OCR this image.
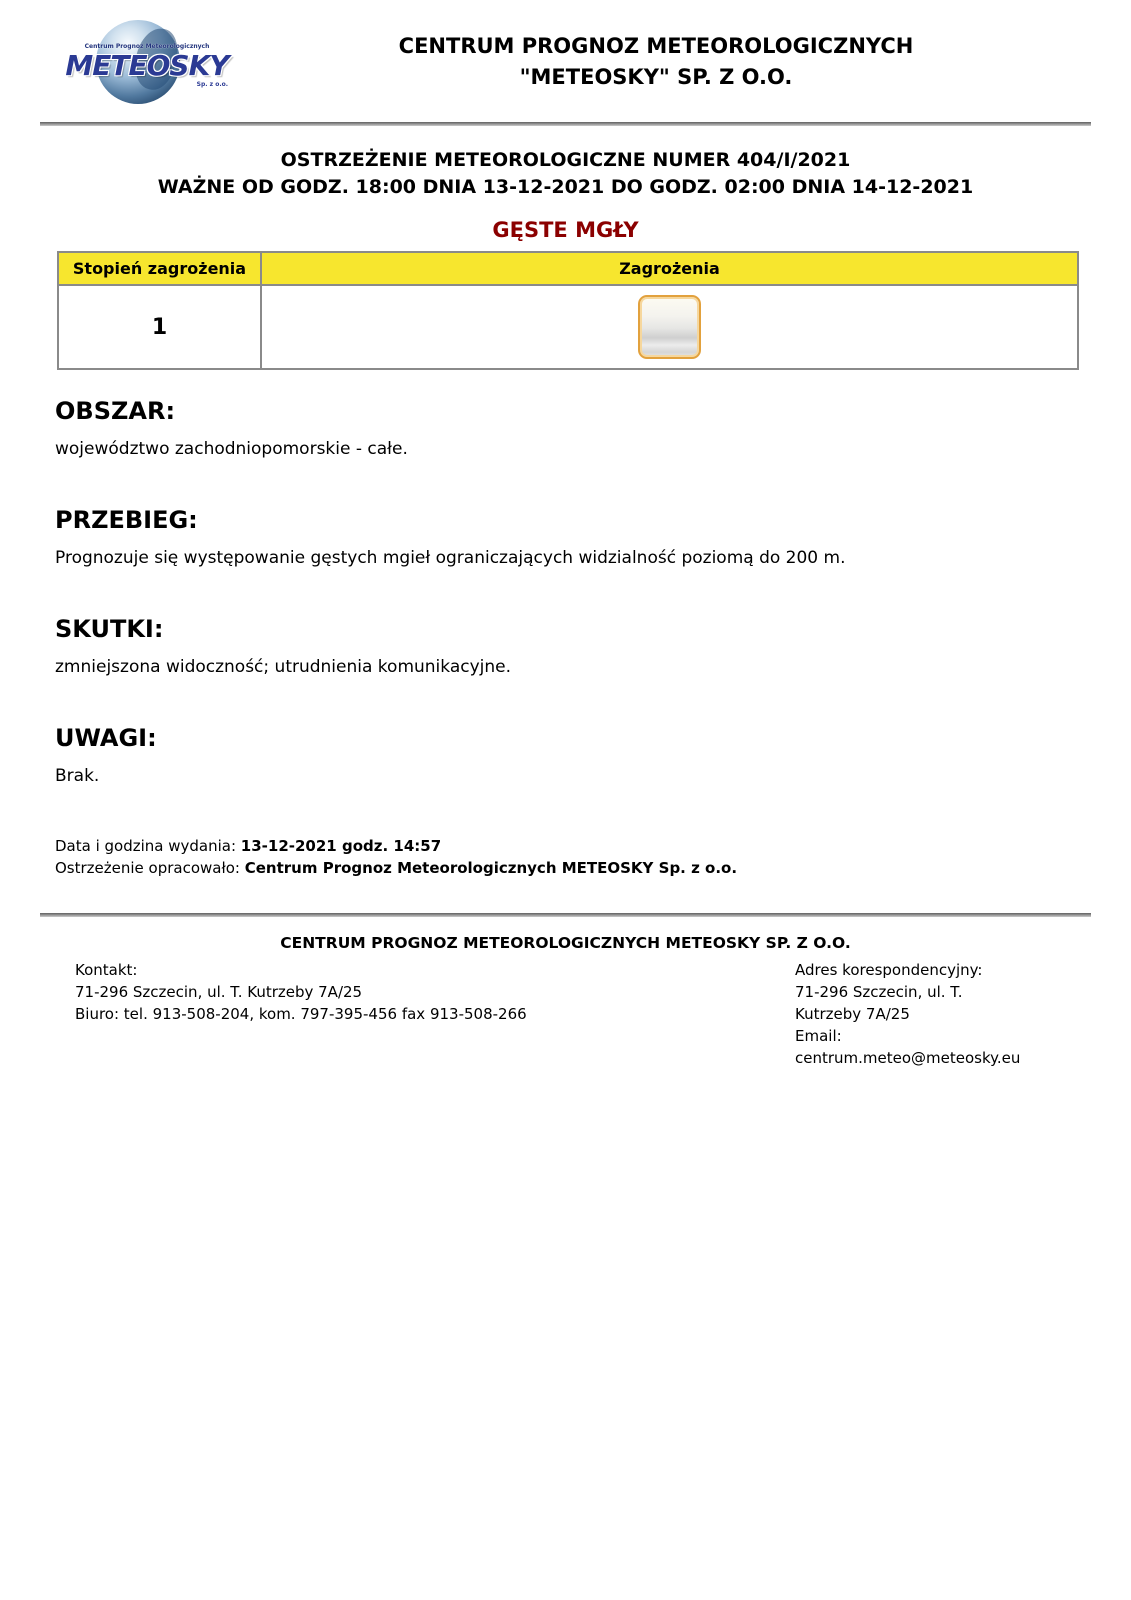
Centrum Prognoz Meteorologicznych
METEOSKY
Sp. z o.o.
CENTRUM PROGNOZ METEOROLOGICZNYCH
"METEOSKY" SP. Z O.O.
OSTRZEŻENIE METEOROLOGICZNE NUMER 404/I/2021
WAŻNE OD GODZ. 18:00 DNIA 13-12-2021 DO GODZ. 02:00 DNIA 14-12-2021
GĘSTE MGŁY
Stopień zagrożenia	Zagrożenia
1	
OBSZAR:

województwo zachodniopomorskie - całe.

PRZEBIEG:

Prognozuje się występowanie gęstych mgieł ograniczających widzialność poziomą do 200 m.

SKUTKI:

zmniejszona widoczność; utrudnienia komunikacyjne.

UWAGI:

Brak.

Data i godzina wydania: 13-12-2021 godz. 14:57
Ostrzeżenie opracowało: Centrum Prognoz Meteorologicznych METEOSKY Sp. z o.o.
CENTRUM PROGNOZ METEOROLOGICZNYCH METEOSKY SP. Z O.O.
Kontakt:
71-296 Szczecin, ul. T. Kutrzeby 7A/25
Biuro: tel. 913-508-204, kom. 797-395-456 fax 913-508-266
Adres korespondencyjny:
71-296 Szczecin, ul. T. Kutrzeby 7A/25
Email:
centrum.meteo@meteosky.eu
